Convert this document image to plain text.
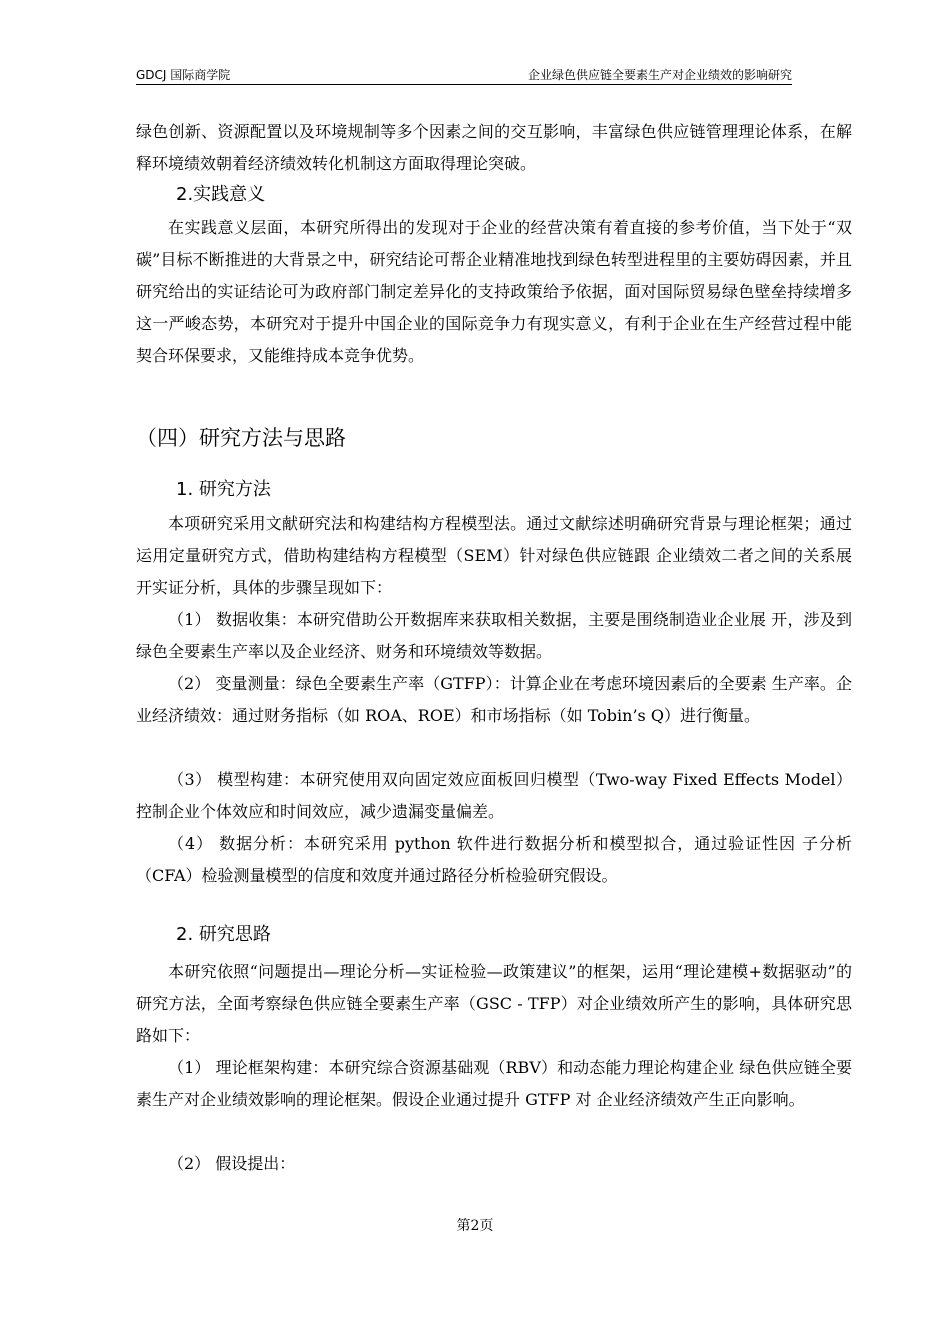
GDCJ 国际商学院	企业绿色供应链全要素生产对企业绩效的影响研究

绿色创新、资源配置以及环境规制等多个因素之间的交互影响，丰富绿色供应链管理理论体系，在解释环境绩效朝着经济绩效转化机制这方面取得理论突破。

2.实践意义

在实践意义层面，本研究所得出的发现对于企业的经营决策有着直接的参考价值，当下处于“双碳”目标不断推进的大背景之中，研究结论可帮企业精准地找到绿色转型进程里的主要妨碍因素，并且研究给出的实证结论可为政府部门制定差异化的支持政策给予依据，面对国际贸易绿色壁垒持续增多这一严峻态势，本研究对于提升中国企业的国际竞争力有现实意义，有利于企业在生产经营过程中能契合环保要求，又能维持成本竞争优势。

（四）研究方法与思路
1. 研究方法

本项研究采用文献研究法和构建结构方程模型法。通过文献综述明确研究背景与理论框架；通过运用定量研究方式，借助构建结构方程模型（SEM）针对绿色供应链跟 企业绩效二者之间的关系展开实证分析，具体的步骤呈现如下：

（1） 数据收集：本研究借助公开数据库来获取相关数据，主要是围绕制造业企业展 开，涉及到绿色全要素生产率以及企业经济、财务和环境绩效等数据。

（2） 变量测量：绿色全要素生产率（GTFP）：计算企业在考虑环境因素后的全要素 生产率。企业经济绩效：通过财务指标（如 ROA、ROE）和市场指标（如 Tobin’s Q）进行衡量。

（3） 模型构建：本研究使用双向固定效应面板回归模型（Two-way Fixed Effects Model）控制企业个体效应和时间效应，减少遗漏变量偏差。

（4） 数据分析：本研究采用 python 软件进行数据分析和模型拟合，通过验证性因 子分析（CFA）检验测量模型的信度和效度并通过路径分析检验研究假设。

2. 研究思路

本研究依照“问题提出—理论分析—实证检验—政策建议”的框架，运用“理论建模+数据驱动”的研究方法，全面考察绿色供应链全要素生产率（GSC - TFP）对企业绩效所产生的影响，具体研究思路如下：

（1） 理论框架构建：本研究综合资源基础观（RBV）和动态能力理论构建企业 绿色供应链全要素生产对企业绩效影响的理论框架。假设企业通过提升 GTFP 对 企业经济绩效产生正向影响。

（2） 假设提出：

第2页
